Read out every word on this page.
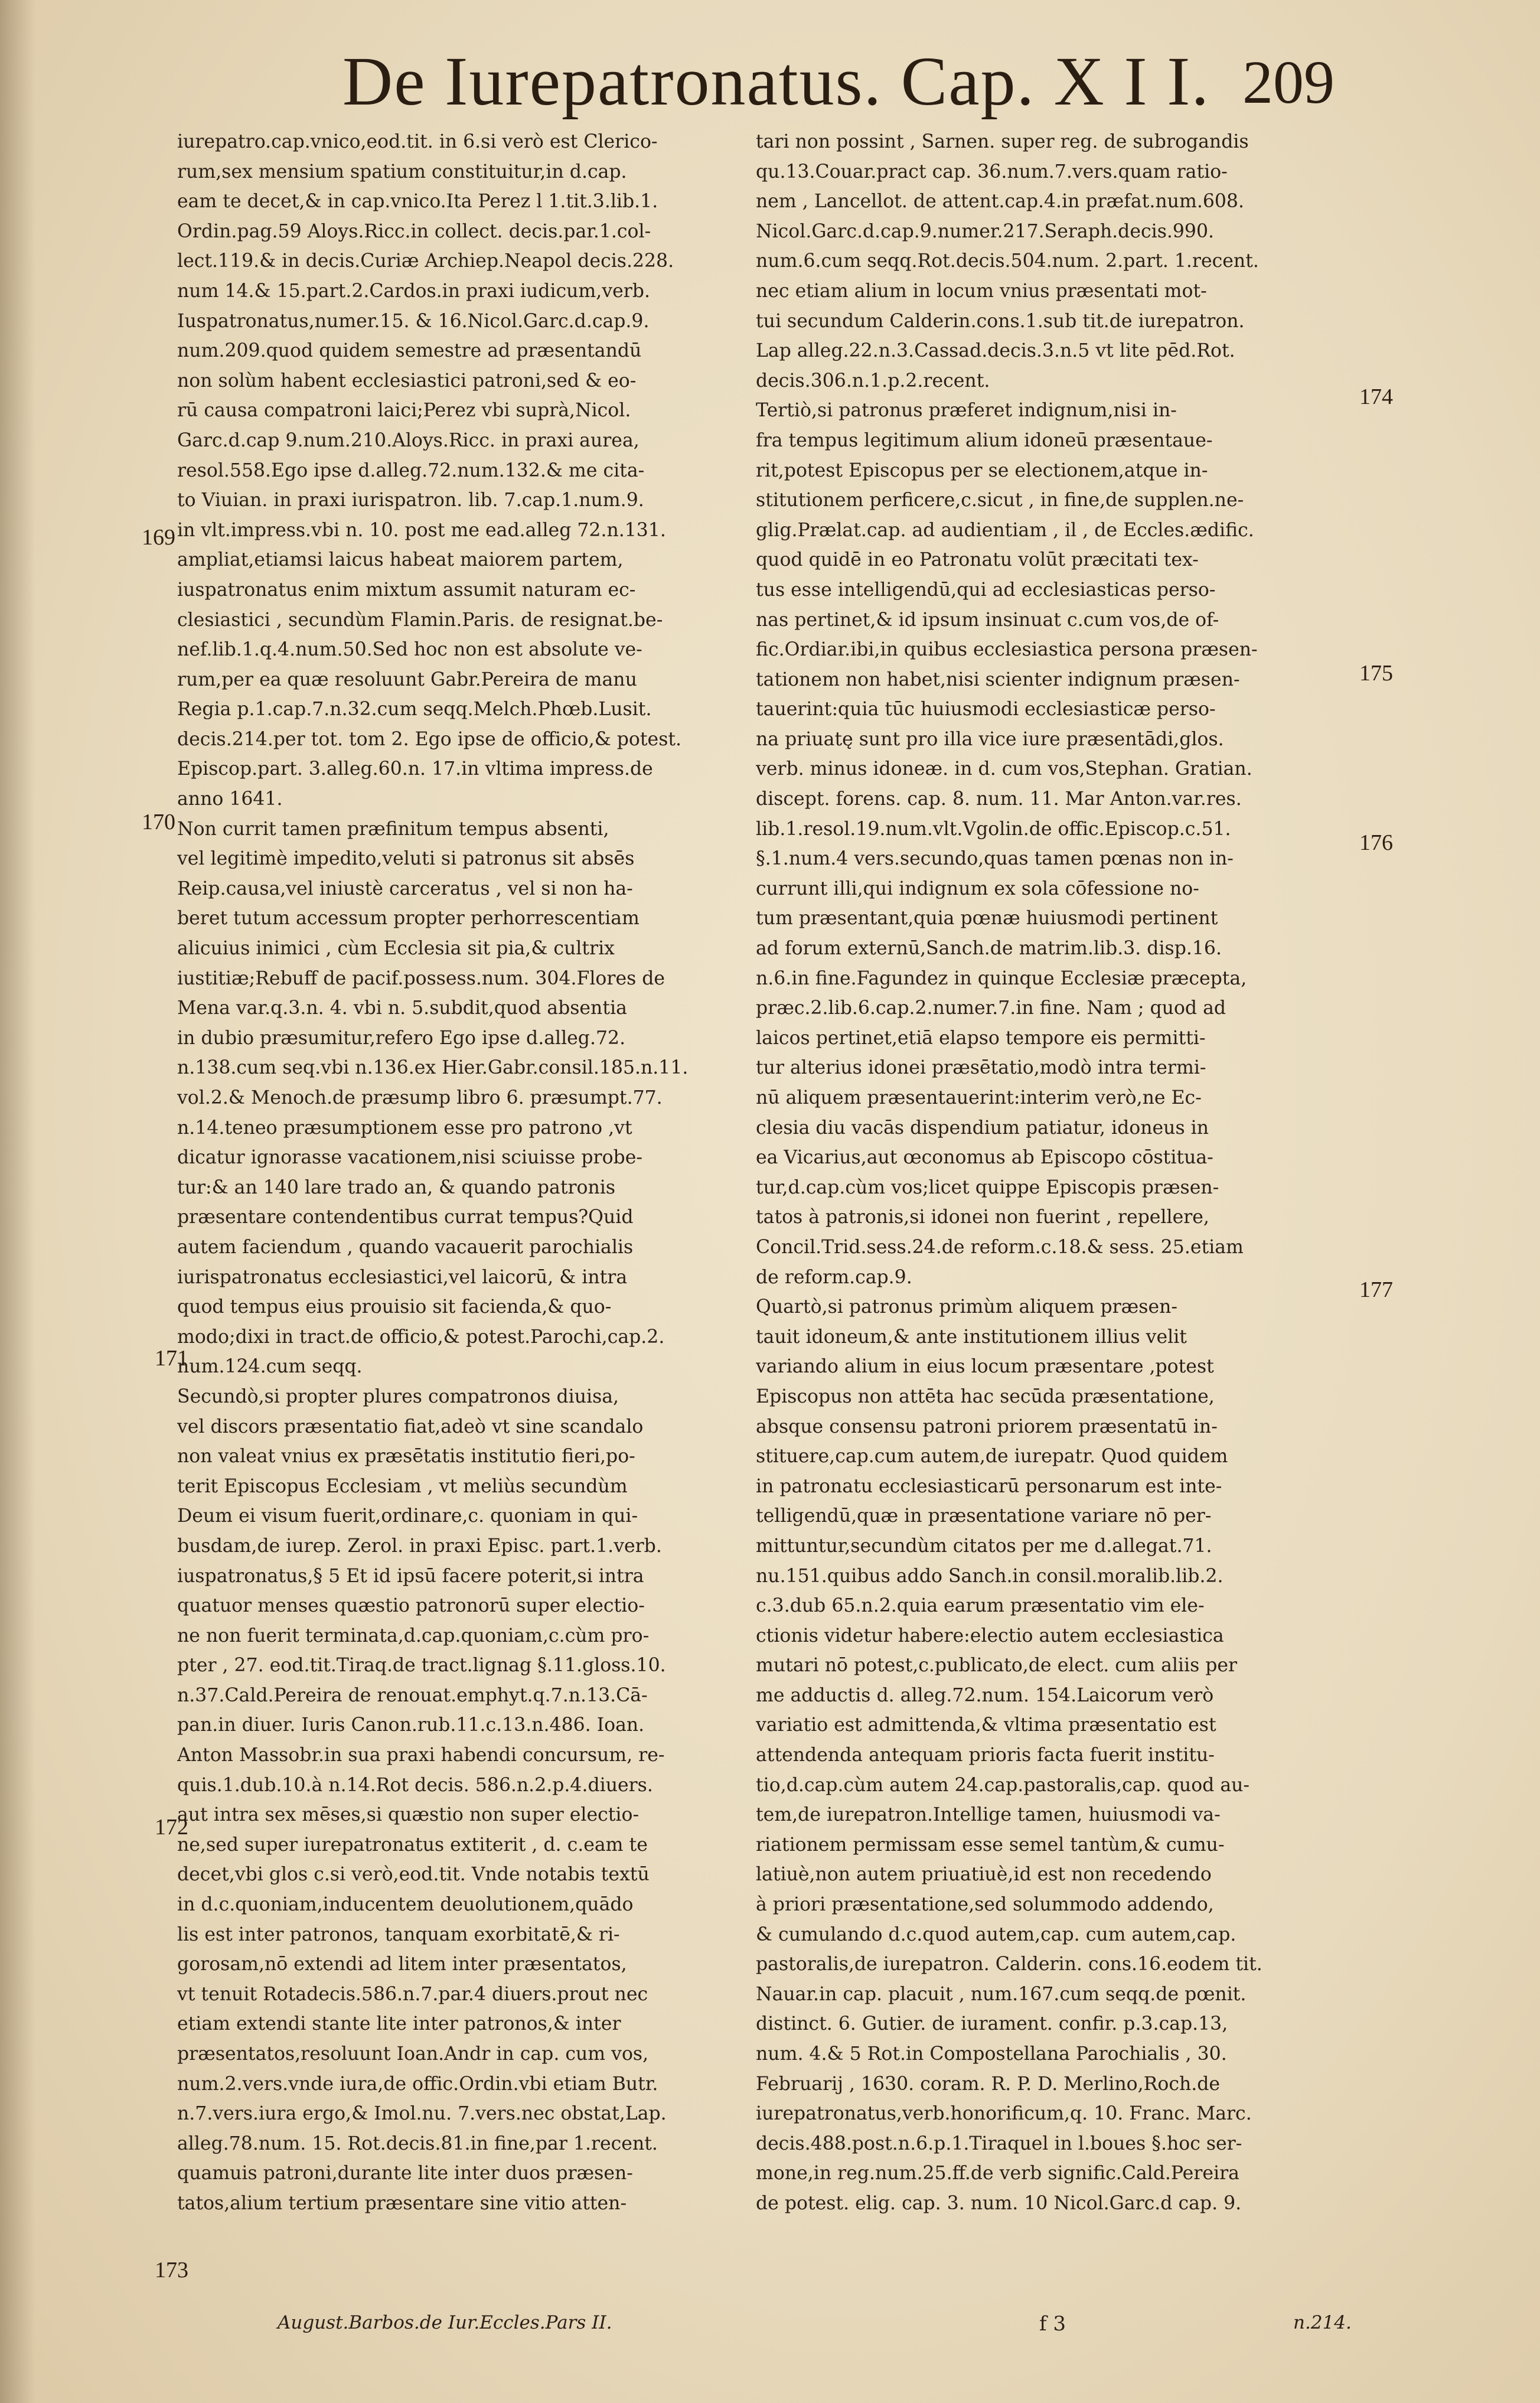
De Iurepatronatus. Cap. X I I. 209
iurepatro.cap.vnico,eod.tit. in 6.si verò est Clerico-
rum,sex mensium spatium constituitur,in d.cap.
eam te decet,& in cap.vnico.Ita Perez l 1.tit.3.lib.1.
Ordin.pag.59 Aloys.Ricc.in collect. decis.par.1.col-
lect.119.& in decis.Curiæ Archiep.Neapol decis.228.
num 14.& 15.part.2.Cardos.in praxi iudicum,verb.
Iuspatronatus,numer.15. & 16.Nicol.Garc.d.cap.9.
num.209.quod quidem semestre ad præsentandū
non solùm habent ecclesiastici patroni,sed & eo-
rū causa compatroni laici;Perez vbi suprà,Nicol.
Garc.d.cap 9.num.210.Aloys.Ricc. in praxi aurea,
resol.558.Ego ipse d.alleg.72.num.132.& me cita-
to Viuian. in praxi iurispatron. lib. 7.cap.1.num.9.
in vlt.impress.vbi n. 10. post me ead.alleg 72.n.131.
ampliat,etiamsi laicus habeat maiorem partem,
iuspatronatus enim mixtum assumit naturam ec-
clesiastici , secundùm Flamin.Paris. de resignat.be-
nef.lib.1.q.4.num.50.Sed hoc non est absolute ve-
rum,per ea quæ resoluunt Gabr.Pereira de manu
Regia p.1.cap.7.n.32.cum seqq.Melch.Phœb.Lusit.
decis.214.per tot. tom 2. Ego ipse de officio,& potest.
Episcop.part. 3.alleg.60.n. 17.in vltima impress.de
anno 1641.
Non currit tamen præfinitum tempus absenti,
vel legitimè impedito,veluti si patronus sit absēs
Reip.causa,vel iniustè carceratus , vel si non ha-
beret tutum accessum propter perhorrescentiam
alicuius inimici , cùm Ecclesia sit pia,& cultrix
iustitiæ;Rebuff de pacif.possess.num. 304.Flores de
Mena var.q.3.n. 4. vbi n. 5.subdit,quod absentia
in dubio præsumitur,refero Ego ipse d.alleg.72.
n.138.cum seq.vbi n.136.ex Hier.Gabr.consil.185.n.11.
vol.2.& Menoch.de præsump libro 6. præsumpt.77.
n.14.teneo præsumptionem esse pro patrono ,vt
dicatur ignorasse vacationem,nisi sciuisse probe-
tur:& an 140 lare trado an, & quando patronis
præsentare contendentibus currat tempus?Quid
autem faciendum , quando vacauerit parochialis
iurispatronatus ecclesiastici,vel laicorū, & intra
quod tempus eius prouisio sit facienda,& quo-
modo;dixi in tract.de officio,& potest.Parochi,cap.2.
num.124.cum seqq.
Secundò,si propter plures compatronos diuisa,
vel discors præsentatio fiat,adeò vt sine scandalo
non valeat vnius ex præsētatis institutio fieri,po-
terit Episcopus Ecclesiam , vt meliùs secundùm
Deum ei visum fuerit,ordinare,c. quoniam in qui-
busdam,de iurep. Zerol. in praxi Episc. part.1.verb.
iuspatronatus,§ 5 Et id ipsū facere poterit,si intra
quatuor menses quæstio patronorū super electio-
ne non fuerit terminata,d.cap.quoniam,c.cùm pro-
pter , 27. eod.tit.Tiraq.de tract.lignag §.11.gloss.10.
n.37.Cald.Pereira de renouat.emphyt.q.7.n.13.Cā-
pan.in diuer. Iuris Canon.rub.11.c.13.n.486. Ioan.
Anton Massobr.in sua praxi habendi concursum, re-
quis.1.dub.10.à n.14.Rot decis. 586.n.2.p.4.diuers.
aut intra sex mēses,si quæstio non super electio-
ne,sed super iurepatronatus extiterit , d. c.eam te
decet,vbi glos c.si verò,eod.tit. Vnde notabis textū
in d.c.quoniam,inducentem deuolutionem,quādo
lis est inter patronos, tanquam exorbitatē,& ri-
gorosam,nō extendi ad litem inter præsentatos,
vt tenuit Rotadecis.586.n.7.par.4 diuers.prout nec
etiam extendi stante lite inter patronos,& inter
præsentatos,resoluunt Ioan.Andr in cap. cum vos,
num.2.vers.vnde iura,de offic.Ordin.vbi etiam Butr.
n.7.vers.iura ergo,& Imol.nu. 7.vers.nec obstat,Lap.
alleg.78.num. 15. Rot.decis.81.in fine,par 1.recent.
quamuis patroni,durante lite inter duos præsen-
tatos,alium tertium præsentare sine vitio atten-
tari non possint , Sarnen. super reg. de subrogandis
qu.13.Couar.pract cap. 36.num.7.vers.quam ratio-
nem , Lancellot. de attent.cap.4.in præfat.num.608.
Nicol.Garc.d.cap.9.numer.217.Seraph.decis.990.
num.6.cum seqq.Rot.decis.504.num. 2.part. 1.recent.
nec etiam alium in locum vnius præsentati mot-
tui secundum Calderin.cons.1.sub tit.de iurepatron.
Lap alleg.22.n.3.Cassad.decis.3.n.5 vt lite pēd.Rot.
decis.306.n.1.p.2.recent.
Tertiò,si patronus præferet indignum,nisi in-
fra tempus legitimum alium idoneū præsentaue-
rit,potest Episcopus per se electionem,atque in-
stitutionem perficere,c.sicut , in fine,de supplen.ne-
glig.Prælat.cap. ad audientiam , il , de Eccles.ædific.
quod quidē in eo Patronatu volūt præcitati tex-
tus esse intelligendū,qui ad ecclesiasticas perso-
nas pertinet,& id ipsum insinuat c.cum vos,de of-
fic.Ordiar.ibi,in quibus ecclesiastica persona præsen-
tationem non habet,nisi scienter indignum præsen-
tauerint:quia tūc huiusmodi ecclesiasticæ perso-
na priuatę sunt pro illa vice iure præsentādi,glos.
verb. minus idoneæ. in d. cum vos,Stephan. Gratian.
discept. forens. cap. 8. num. 11. Mar Anton.var.res.
lib.1.resol.19.num.vlt.Vgolin.de offic.Episcop.c.51.
§.1.num.4 vers.secundo,quas tamen pœnas non in-
currunt illi,qui indignum ex sola cōfessione no-
tum præsentant,quia pœnæ huiusmodi pertinent
ad forum externū,Sanch.de matrim.lib.3. disp.16.
n.6.in fine.Fagundez in quinque Ecclesiæ præcepta,
præc.2.lib.6.cap.2.numer.7.in fine. Nam ; quod ad
laicos pertinet,etiā elapso tempore eis permitti-
tur alterius idonei præsētatio,modò intra termi-
nū aliquem præsentauerint:interim verò,ne Ec-
clesia diu vacās dispendium patiatur, idoneus in
ea Vicarius,aut œconomus ab Episcopo cōstitua-
tur,d.cap.cùm vos;licet quippe Episcopis præsen-
tatos à patronis,si idonei non fuerint , repellere,
Concil.Trid.sess.24.de reform.c.18.& sess. 25.etiam
de reform.cap.9.
Quartò,si patronus primùm aliquem præsen-
tauit idoneum,& ante institutionem illius velit
variando alium in eius locum præsentare ,potest
Episcopus non attēta hac secūda præsentatione,
absque consensu patroni priorem præsentatū in-
stituere,cap.cum autem,de iurepatr. Quod quidem
in patronatu ecclesiasticarū personarum est inte-
telligendū,quæ in præsentatione variare nō per-
mittuntur,secundùm citatos per me d.allegat.71.
nu.151.quibus addo Sanch.in consil.moralib.lib.2.
c.3.dub 65.n.2.quia earum præsentatio vim ele-
ctionis videtur habere:electio autem ecclesiastica
mutari nō potest,c.publicato,de elect. cum aliis per
me adductis d. alleg.72.num. 154.Laicorum verò
variatio est admittenda,& vltima præsentatio est
attendenda antequam prioris facta fuerit institu-
tio,d.cap.cùm autem 24.cap.pastoralis,cap. quod au-
tem,de iurepatron.Intellige tamen, huiusmodi va-
riationem permissam esse semel tantùm,& cumu-
latiuè,non autem priuatiuè,id est non recedendo
à priori præsentatione,sed solummodo addendo,
& cumulando d.c.quod autem,cap. cum autem,cap.
pastoralis,de iurepatron. Calderin. cons.16.eodem tit.
Nauar.in cap. placuit , num.167.cum seqq.de pœnit.
distinct. 6. Gutier. de iurament. confir. p.3.cap.13,
num. 4.& 5 Rot.in Compostellana Parochialis , 30.
Februarij , 1630. coram. R. P. D. Merlino,Roch.de
iurepatronatus,verb.honorificum,q. 10. Franc. Marc.
decis.488.post.n.6.p.1.Tiraquel in l.boues §.hoc ser-
mone,in reg.num.25.ff.de verb signific.Cald.Pereira
de potest. elig. cap. 3. num. 10 Nicol.Garc.d cap. 9.
169
170
171
172
173
174
175
176
177
August.Barbos.de Iur.Eccles.Pars II.	f 3	n.214.
